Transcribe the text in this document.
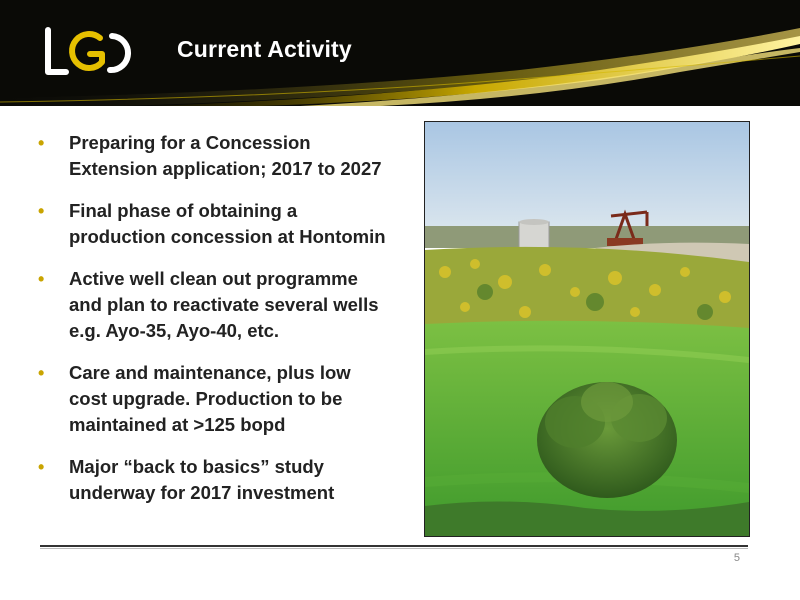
Current Activity
• Preparing for a Concession
Extension application; 2017 to 2027
• Final phase of obtaining a
production concession at Hontomin
• Active well clean out programme
and plan to reactivate several wells
e.g. Ayo-35, Ayo-40, etc.
• Care and maintenance, plus low
cost upgrade. Production to be
maintained at >125 bopd
• Major “back to basics” study
underway for 2017 investment
5
